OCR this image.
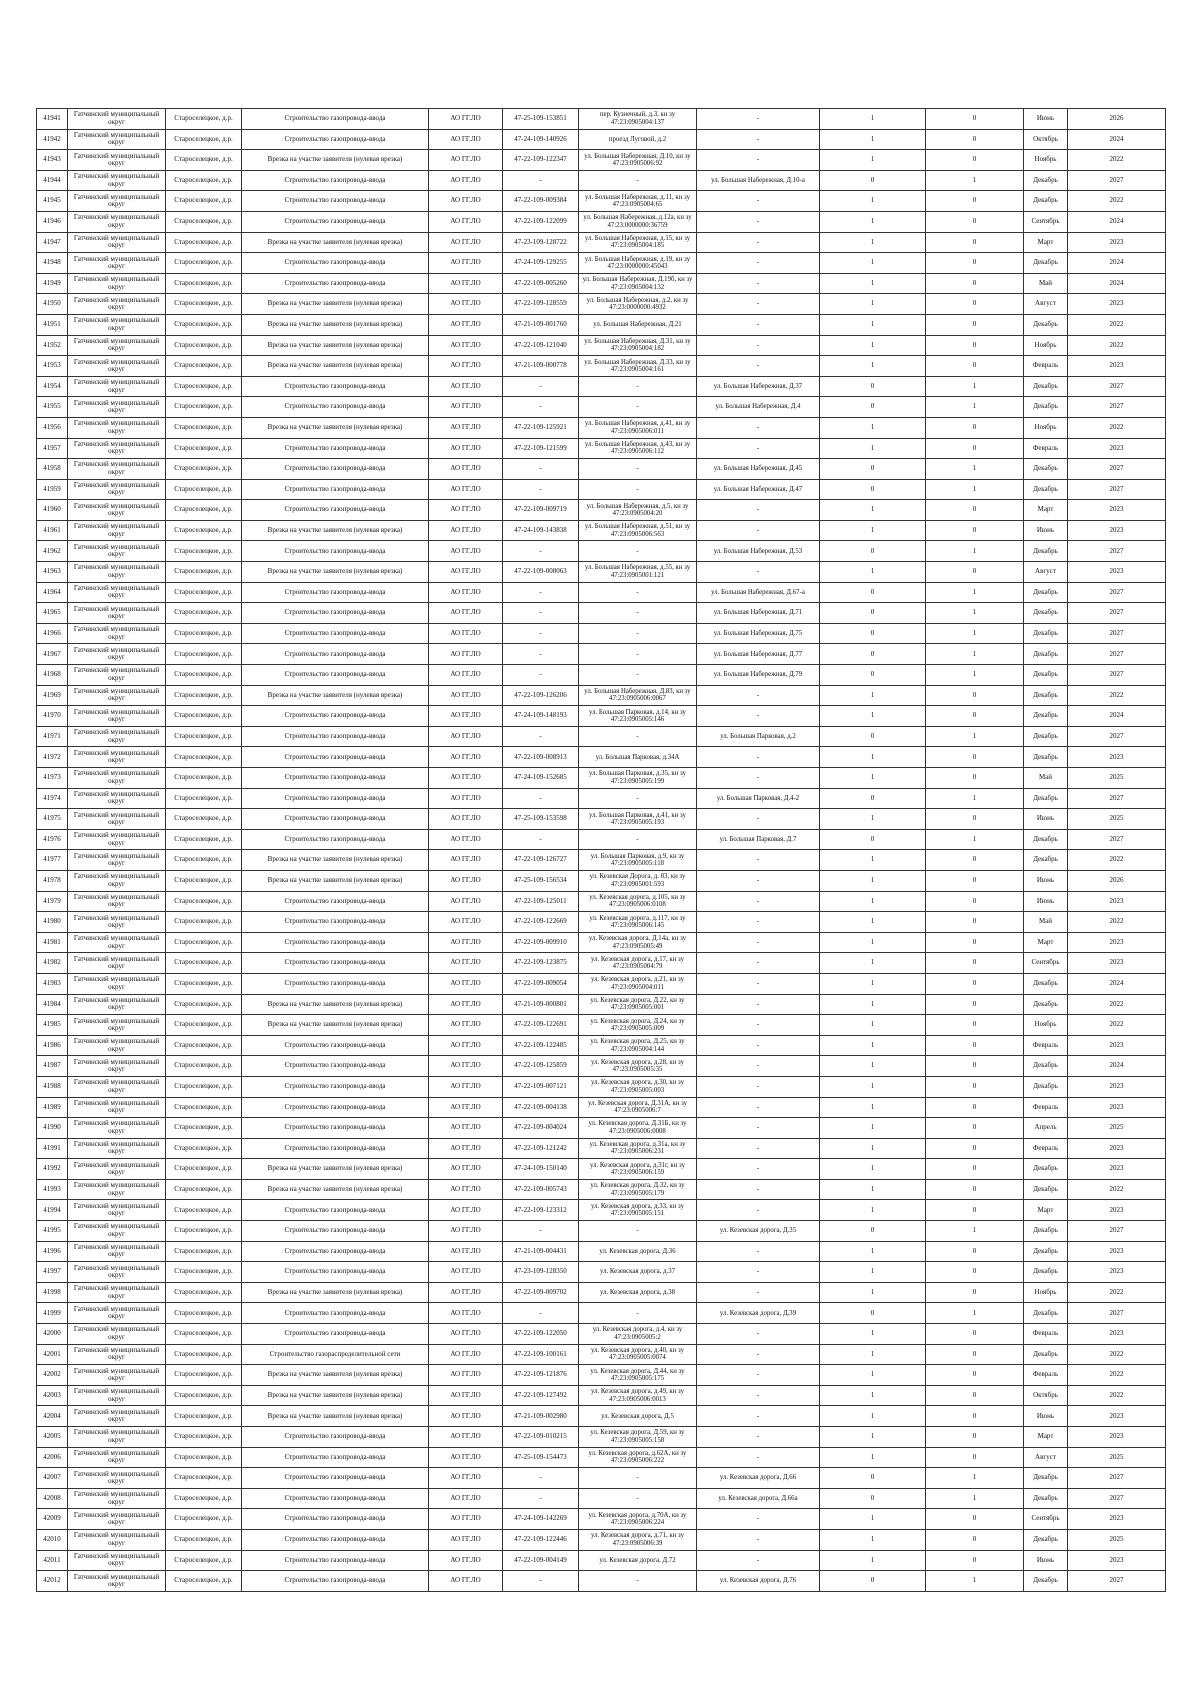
41941	Гатчинский муниципальный округ	Староселецкое, д.р.	Строительство газопровода-ввода	АО ГГ.ЛО	47-25-109-153851	пер. Кузнечный, д.3, кн зу 47:23:0905004:137	-	1	0	Июнь	2026
41942	Гатчинский муниципальный округ	Староселецкое, д.р.	Строительство газопровода-ввода	АО ГГ.ЛО	47-24-109-140926	проезд Луговой, д.2	-	1	0	Октябрь	2024
41943	Гатчинский муниципальный округ	Староселецкое, д.р.	Врезка на участке заявителя (нулевая врезка)	АО ГГ.ЛО	47-22-109-122347	ул. Большая Набережная, Д.10, кн зу 47:23:0905006:92	-	1	0	Ноябрь	2022
41944	Гатчинский муниципальный округ	Староселецкое, д.р.	Строительство газопровода-ввода	АО ГГ.ЛО	-	-	ул. Большая Набережная, Д.10-а	0	1	Декабрь	2027
41945	Гатчинский муниципальный округ	Староселецкое, д.р.	Строительство газопровода-ввода	АО ГГ.ЛО	47-22-109-009384	ул. Большая Набережная, д.11, кн зу 47:23:0905004:65	-	1	0	Декабрь	2022
41946	Гатчинский муниципальный округ	Староселецкое, д.р.	Строительство газопровода-ввода	АО ГГ.ЛО	47-22-109-122099	ул. Большая Набережная, д.12а, кн зу 47:23:0000000:36759	-	1	0	Сентябрь	2024
41947	Гатчинский муниципальный округ	Староселецкое, д.р.	Врезка на участке заявителя (нулевая врезка)	АО ГГ.ЛО	47-23-109-128722	ул. Большая Набережная, д.15, кн зу 47:23:0905004:185	-	1	0	Март	2023
41948	Гатчинский муниципальный округ	Староселецкое, д.р.	Строительство газопровода-ввода	АО ГГ.ЛО	47-24-109-129255	ул. Большая Набережная, д.19, кн зу 47:23:0000000:45043	-	1	0	Декабрь	2024
41949	Гатчинский муниципальный округ	Староселецкое, д.р.	Строительство газопровода-ввода	АО ГГ.ЛО	47-22-109-005260	ул. Большая Набережная, Д.19б, кн зу 47:23:0905004:132	-	1	0	Май	2024
41950	Гатчинский муниципальный округ	Староселецкое, д.р.	Врезка на участке заявителя (нулевая врезка)	АО ГГ.ЛО	47-22-109-128559	ул. Большая Набережная, д.2, кн зу 47:23:0000000:4932	-	1	0	Август	2023
41951	Гатчинский муниципальный округ	Староселецкое, д.р.	Врезка на участке заявителя (нулевая врезка)	АО ГГ.ЛО	47-21-109-001760	ул. Большая Набережная, Д.21	-	1	0	Декабрь	2022
41952	Гатчинский муниципальный округ	Староселецкое, д.р.	Врезка на участке заявителя (нулевая врезка)	АО ГГ.ЛО	47-22-109-121040	ул. Большая Набережная, Д.31, кн зу 47:23:0905004:182	-	1	0	Ноябрь	2022
41953	Гатчинский муниципальный округ	Староселецкое, д.р.	Врезка на участке заявителя (нулевая врезка)	АО ГГ.ЛО	47-21-109-000778	ул. Большая Набережная, Д.33, кн зу 47:23:0905004:161	-	1	0	Февраль	2023
41954	Гатчинский муниципальный округ	Староселецкое, д.р.	Строительство газопровода-ввода	АО ГГ.ЛО	-	-	ул. Большая Набережная, Д.37	0	1	Декабрь	2027
41955	Гатчинский муниципальный округ	Староселецкое, д.р.	Строительство газопровода-ввода	АО ГГ.ЛО	-	-	ул. Большая Набережная, Д.4	0	1	Декабрь	2027
41956	Гатчинский муниципальный округ	Староселецкое, д.р.	Врезка на участке заявителя (нулевая врезка)	АО ГГ.ЛО	47-22-109-125921	ул. Большая Набережная, д.41, кн зу 47:23:0905006:011	-	1	0	Ноябрь	2022
41957	Гатчинский муниципальный округ	Староселецкое, д.р.	Строительство газопровода-ввода	АО ГГ.ЛО	47-22-109-121599	ул. Большая Набережная, д.43, кн зу 47:23:0905006:112	-	1	0	Февраль	2023
41958	Гатчинский муниципальный округ	Староселецкое, д.р.	Строительство газопровода-ввода	АО ГГ.ЛО	-	-	ул. Большая Набережная, Д.45	0	1	Декабрь	2027
41959	Гатчинский муниципальный округ	Староселецкое, д.р.	Строительство газопровода-ввода	АО ГГ.ЛО	-	-	ул. Большая Набережная, Д.47	0	1	Декабрь	2027
41960	Гатчинский муниципальный округ	Староселецкое, д.р.	Строительство газопровода-ввода	АО ГГ.ЛО	47-22-109-009719	ул. Большая Набережная, д.5, кн зу 47:23:0905004:20	-	1	0	Март	2023
41961	Гатчинский муниципальный округ	Староселецкое, д.р.	Врезка на участке заявителя (нулевая врезка)	АО ГГ.ЛО	47-24-109-143838	ул. Большая Набережная, д.51, кн зу 47:23:0905006:563	-	1	0	Июнь	2023
41962	Гатчинский муниципальный округ	Староселецкое, д.р.	Строительство газопровода-ввода	АО ГГ.ЛО	-	-	ул. Большая Набережная, Д.53	0	1	Декабрь	2027
41963	Гатчинский муниципальный округ	Староселецкое, д.р.	Врезка на участке заявителя (нулевая врезка)	АО ГГ.ЛО	47-22-109-008063	ул. Большая Набережная, д.55, кн зу 47:23:0905001:121	-	1	0	Август	2023
41964	Гатчинский муниципальный округ	Староселецкое, д.р.	Строительство газопровода-ввода	АО ГГ.ЛО	-	-	ул. Большая Набережная, Д.67-а	0	1	Декабрь	2027
41965	Гатчинский муниципальный округ	Староселецкое, д.р.	Строительство газопровода-ввода	АО ГГ.ЛО	-	-	ул. Большая Набережная, Д.71	0	1	Декабрь	2027
41966	Гатчинский муниципальный округ	Староселецкое, д.р.	Строительство газопровода-ввода	АО ГГ.ЛО	-	-	ул. Большая Набережная, Д.75	0	1	Декабрь	2027
41967	Гатчинский муниципальный округ	Староселецкое, д.р.	Строительство газопровода-ввода	АО ГГ.ЛО	-	-	ул. Большая Набережная, Д.77	0	1	Декабрь	2027
41968	Гатчинский муниципальный округ	Староселецкое, д.р.	Строительство газопровода-ввода	АО ГГ.ЛО	-	-	ул. Большая Набережная, Д.79	0	1	Декабрь	2027
41969	Гатчинский муниципальный округ	Староселецкое, д.р.	Врезка на участке заявителя (нулевая врезка)	АО ГГ.ЛО	47-22-109-126206	ул. Большая Набережная, Д.83, кн зу 47:23:0905006:0067	-	1	0	Декабрь	2022
41970	Гатчинский муниципальный округ	Староселецкое, д.р.	Строительство газопровода-ввода	АО ГГ.ЛО	47-24-109-148193	ул. Большая Парковая, д.14, кн зу 47:23:0905005:146	-	1	0	Декабрь	2024
41971	Гатчинский муниципальный округ	Староселецкое, д.р.	Строительство газопровода-ввода	АО ГГ.ЛО	-	-	ул. Большая Парковая, д.2	0	1	Декабрь	2027
41972	Гатчинский муниципальный округ	Староселецкое, д.р.	Строительство газопровода-ввода	АО ГГ.ЛО	47-22-109-008913	ул. Большая Парковая, д.34А	-	1	0	Декабрь	2023
41973	Гатчинский муниципальный округ	Староселецкое, д.р.	Строительство газопровода-ввода	АО ГГ.ЛО	47-24-109-152685	ул. Большая Парковая, д.35, кн зу 47:23:0905005:199	-	1	0	Май	2025
41974	Гатчинский муниципальный округ	Староселецкое, д.р.	Строительство газопровода-ввода	АО ГГ.ЛО	-	-	ул. Большая Парковая, Д.4-2	0	1	Декабрь	2027
41975	Гатчинский муниципальный округ	Староселецкое, д.р.	Строительство газопровода-ввода	АО ГГ.ЛО	47-25-109-153598	ул. Большая Парковая, д.41, кн зу 47:23:0905005:193	-	1	0	Июнь	2025
41976	Гатчинский муниципальный округ	Староселецкое, д.р.	Строительство газопровода-ввода	АО ГГ.ЛО	-	-	ул. Большая Парковая, Д.7	0	1	Декабрь	2027
41977	Гатчинский муниципальный округ	Староселецкое, д.р.	Врезка на участке заявителя (нулевая врезка)	АО ГГ.ЛО	47-22-109-126727	ул. Большая Парковая, д.9, кн зу 47:23:0905005:118	-	1	0	Декабрь	2022
41978	Гатчинский муниципальный округ	Староселецкое, д.р.	Врезка на участке заявителя (нулевая врезка)	АО ГГ.ЛО	47-25-109-156534	ул. Кезевская Дорога, д. 83, кн зу 47:23:0905001:593	-	1	0	Июнь	2026
41979	Гатчинский муниципальный округ	Староселецкое, д.р.	Строительство газопровода-ввода	АО ГГ.ЛО	47-22-109-125011	ул. Кезевская дорога, д.105, кн зу 47:23:0905006:0108	-	1	0	Июнь	2023
41980	Гатчинский муниципальный округ	Староселецкое, д.р.	Строительство газопровода-ввода	АО ГГ.ЛО	47-22-109-122669	ул. Кезевская дорога, д.117, кн зу 47:23:0905006:145	-	1	0	Май	2022
41981	Гатчинский муниципальный округ	Староселецкое, д.р.	Строительство газопровода-ввода	АО ГГ.ЛО	47-22-109-009910	ул. Кезевская дорога, Д.14а, кн зу 47:23:0905005:49	-	1	0	Март	2023
41982	Гатчинский муниципальный округ	Староселецкое, д.р.	Строительство газопровода-ввода	АО ГГ.ЛО	47-22-109-123875	ул. Кезевская дорога, д.17, кн зу 47:23:0905004:79	-	1	0	Сентябрь	2023
41983	Гатчинский муниципальный округ	Староселецкое, д.р.	Строительство газопровода-ввода	АО ГГ.ЛО	47-22-109-009054	ул. Кезевская дорога, д.21, кн зу 47:23:0905004:011	-	1	0	Декабрь	2024
41984	Гатчинский муниципальный округ	Староселецкое, д.р.	Врезка на участке заявителя (нулевая врезка)	АО ГГ.ЛО	47-21-109-000801	ул. Кезевская дорога, Д.22, кн зу 47:23:0905005:001	-	1	0	Декабрь	2022
41985	Гатчинский муниципальный округ	Староселецкое, д.р.	Врезка на участке заявителя (нулевая врезка)	АО ГГ.ЛО	47-22-109-122691	ул. Кезевская дорога, Д.24, кн зу 47:23:0905005:009	-	1	0	Ноябрь	2022
41986	Гатчинский муниципальный округ	Староселецкое, д.р.	Строительство газопровода-ввода	АО ГГ.ЛО	47-22-109-122485	ул. Кезевская дорога, Д.25, кн зу 47:23:0905004:144	-	1	0	Февраль	2023
41987	Гатчинский муниципальный округ	Староселецкое, д.р.	Строительство газопровода-ввода	АО ГГ.ЛО	47-22-109-125859	ул. Кезевская дорога, д.28, кн зу 47:23:0905005:35	-	1	0	Декабрь	2024
41988	Гатчинский муниципальный округ	Староселецкое, д.р.	Строительство газопровода-ввода	АО ГГ.ЛО	47-22-109-007121	ул. Кезевская дорога, д.30, кн зу 47:23:0905005:003	-	1	0	Декабрь	2023
41989	Гатчинский муниципальный округ	Староселецкое, д.р.	Строительство газопровода-ввода	АО ГГ.ЛО	47-22-109-004138	ул. Кезевская дорога, Д.31А, кн зу 47:23:0905006:7	-	1	0	Февраль	2023
41990	Гатчинский муниципальный округ	Староселецкое, д.р.	Строительство газопровода-ввода	АО ГГ.ЛО	47-22-109-004024	ул. Кезевская дорога, Д.31Б, кн зу 47:23:0905006:0008	-	1	0	Апрель	2025
41991	Гатчинский муниципальный округ	Староселецкое, д.р.	Строительство газопровода-ввода	АО ГГ.ЛО	47-22-109-121242	ул. Кезевская дорога, д.31а, кн зу 47:23:0905006:231	-	1	0	Февраль	2023
41992	Гатчинский муниципальный округ	Староселецкое, д.р.	Врезка на участке заявителя (нулевая врезка)	АО ГГ.ЛО	47-24-109-150140	ул. Кезевская дорога, д.31г, кн зу 47:23:0905006:159	-	1	0	Декабрь	2023
41993	Гатчинский муниципальный округ	Староселецкое, д.р.	Врезка на участке заявителя (нулевая врезка)	АО ГГ.ЛО	47-22-109-005743	ул. Кезевская дорога, Д.32, кн зу 47:23:0905005:179	-	1	0	Декабрь	2022
41994	Гатчинский муниципальный округ	Староселецкое, д.р.	Строительство газопровода-ввода	АО ГГ.ЛО	47-22-109-123312	ул. Кезевская дорога, д.33, кн зу 47:23:0905005:151	-	1	0	Март	2023
41995	Гатчинский муниципальный округ	Староселецкое, д.р.	Строительство газопровода-ввода	АО ГГ.ЛО	-	-	ул. Кезевская дорога, Д.35	0	1	Декабрь	2027
41996	Гатчинский муниципальный округ	Староселецкое, д.р.	Строительство газопровода-ввода	АО ГГ.ЛО	47-21-109-004431	ул. Кезевская дорога, Д.36	-	1	0	Декабрь	2023
41997	Гатчинский муниципальный округ	Староселецкое, д.р.	Строительство газопровода-ввода	АО ГГ.ЛО	47-23-109-128350	ул. Кезевская дорога, д.37	-	1	0	Декабрь	2023
41998	Гатчинский муниципальный округ	Староселецкое, д.р.	Врезка на участке заявителя (нулевая врезка)	АО ГГ.ЛО	47-22-109-009702	ул. Кезевская дорога, д.38	-	1	0	Ноябрь	2022
41999	Гатчинский муниципальный округ	Староселецкое, д.р.	Строительство газопровода-ввода	АО ГГ.ЛО	-	-	ул. Кезевская дорога, Д.39	0	1	Декабрь	2027
42000	Гатчинский муниципальный округ	Староселецкое, д.р.	Строительство газопровода-ввода	АО ГГ.ЛО	47-22-109-122050	ул. Кезевская дорога, д.4, кн зу 47:23:0905005:2	-	1	0	Февраль	2023
42001	Гатчинский муниципальный округ	Староселецкое, д.р.	Строительство газораспределительной сети	АО ГГ.ЛО	47-22-109-100161	ул. Кезевская дорога, д.40, кн зу 47:23:0905005:0074	-	1	0	Декабрь	2022
42002	Гатчинский муниципальный округ	Староселецкое, д.р.	Врезка на участке заявителя (нулевая врезка)	АО ГГ.ЛО	47-22-109-121876	ул. Кезевская дорога, Д.44, кн зу 47:23:0905005:175	-	1	0	Февраль	2022
42003	Гатчинский муниципальный округ	Староселецкое, д.р.	Врезка на участке заявителя (нулевая врезка)	АО ГГ.ЛО	47-22-109-127492	ул. Кезевская дорога, д.49, кн зу 47:23:0905006:0013	-	1	0	Октябрь	2022
42004	Гатчинский муниципальный округ	Староселецкое, д.р.	Врезка на участке заявителя (нулевая врезка)	АО ГГ.ЛО	47-21-109-002980	ул. Кезевская дорога, Д.5	-	1	0	Июнь	2023
42005	Гатчинский муниципальный округ	Староселецкое, д.р.	Строительство газопровода-ввода	АО ГГ.ЛО	47-22-109-010215	ул. Кезевская дорога, Д.59, кн зу 47:23:0905005:158	-	1	0	Март	2023
42006	Гатчинский муниципальный округ	Староселецкое, д.р.	Строительство газопровода-ввода	АО ГГ.ЛО	47-25-109-154473	ул. Кезевская дорога, д.62А, кн зу 47:23:0905006:222	-	1	0	Август	2025
42007	Гатчинский муниципальный округ	Староселецкое, д.р.	Строительство газопровода-ввода	АО ГГ.ЛО	-	-	ул. Кезевская дорога, Д.66	0	1	Декабрь	2027
42008	Гатчинский муниципальный округ	Староселецкое, д.р.	Строительство газопровода-ввода	АО ГГ.ЛО	-	-	ул. Кезевская дорога, Д.66а	0	1	Декабрь	2027
42009	Гатчинский муниципальный округ	Староселецкое, д.р.	Строительство газопровода-ввода	АО ГГ.ЛО	47-24-109-142269	ул. Кезевская дорога, д.70А, кн зу 47:23:0905006:224	-	1	0	Сентябрь	2023
42010	Гатчинский муниципальный округ	Староселецкое, д.р.	Строительство газопровода-ввода	АО ГГ.ЛО	47-22-109-122446	ул. Кезевская дорога, д.71, кн зу 47:23:0905006:39	-	1	0	Декабрь	2025
42011	Гатчинский муниципальный округ	Староселецкое, д.р.	Строительство газопровода-ввода	АО ГГ.ЛО	47-22-109-004149	ул. Кезевская дорога, Д.72	-	1	0	Июнь	2023
42012	Гатчинский муниципальный округ	Староселецкое, д.р.	Строительство газопровода-ввода	АО ГГ.ЛО	-	-	ул. Кезевская дорога, Д.76	0	1	Декабрь	2027
